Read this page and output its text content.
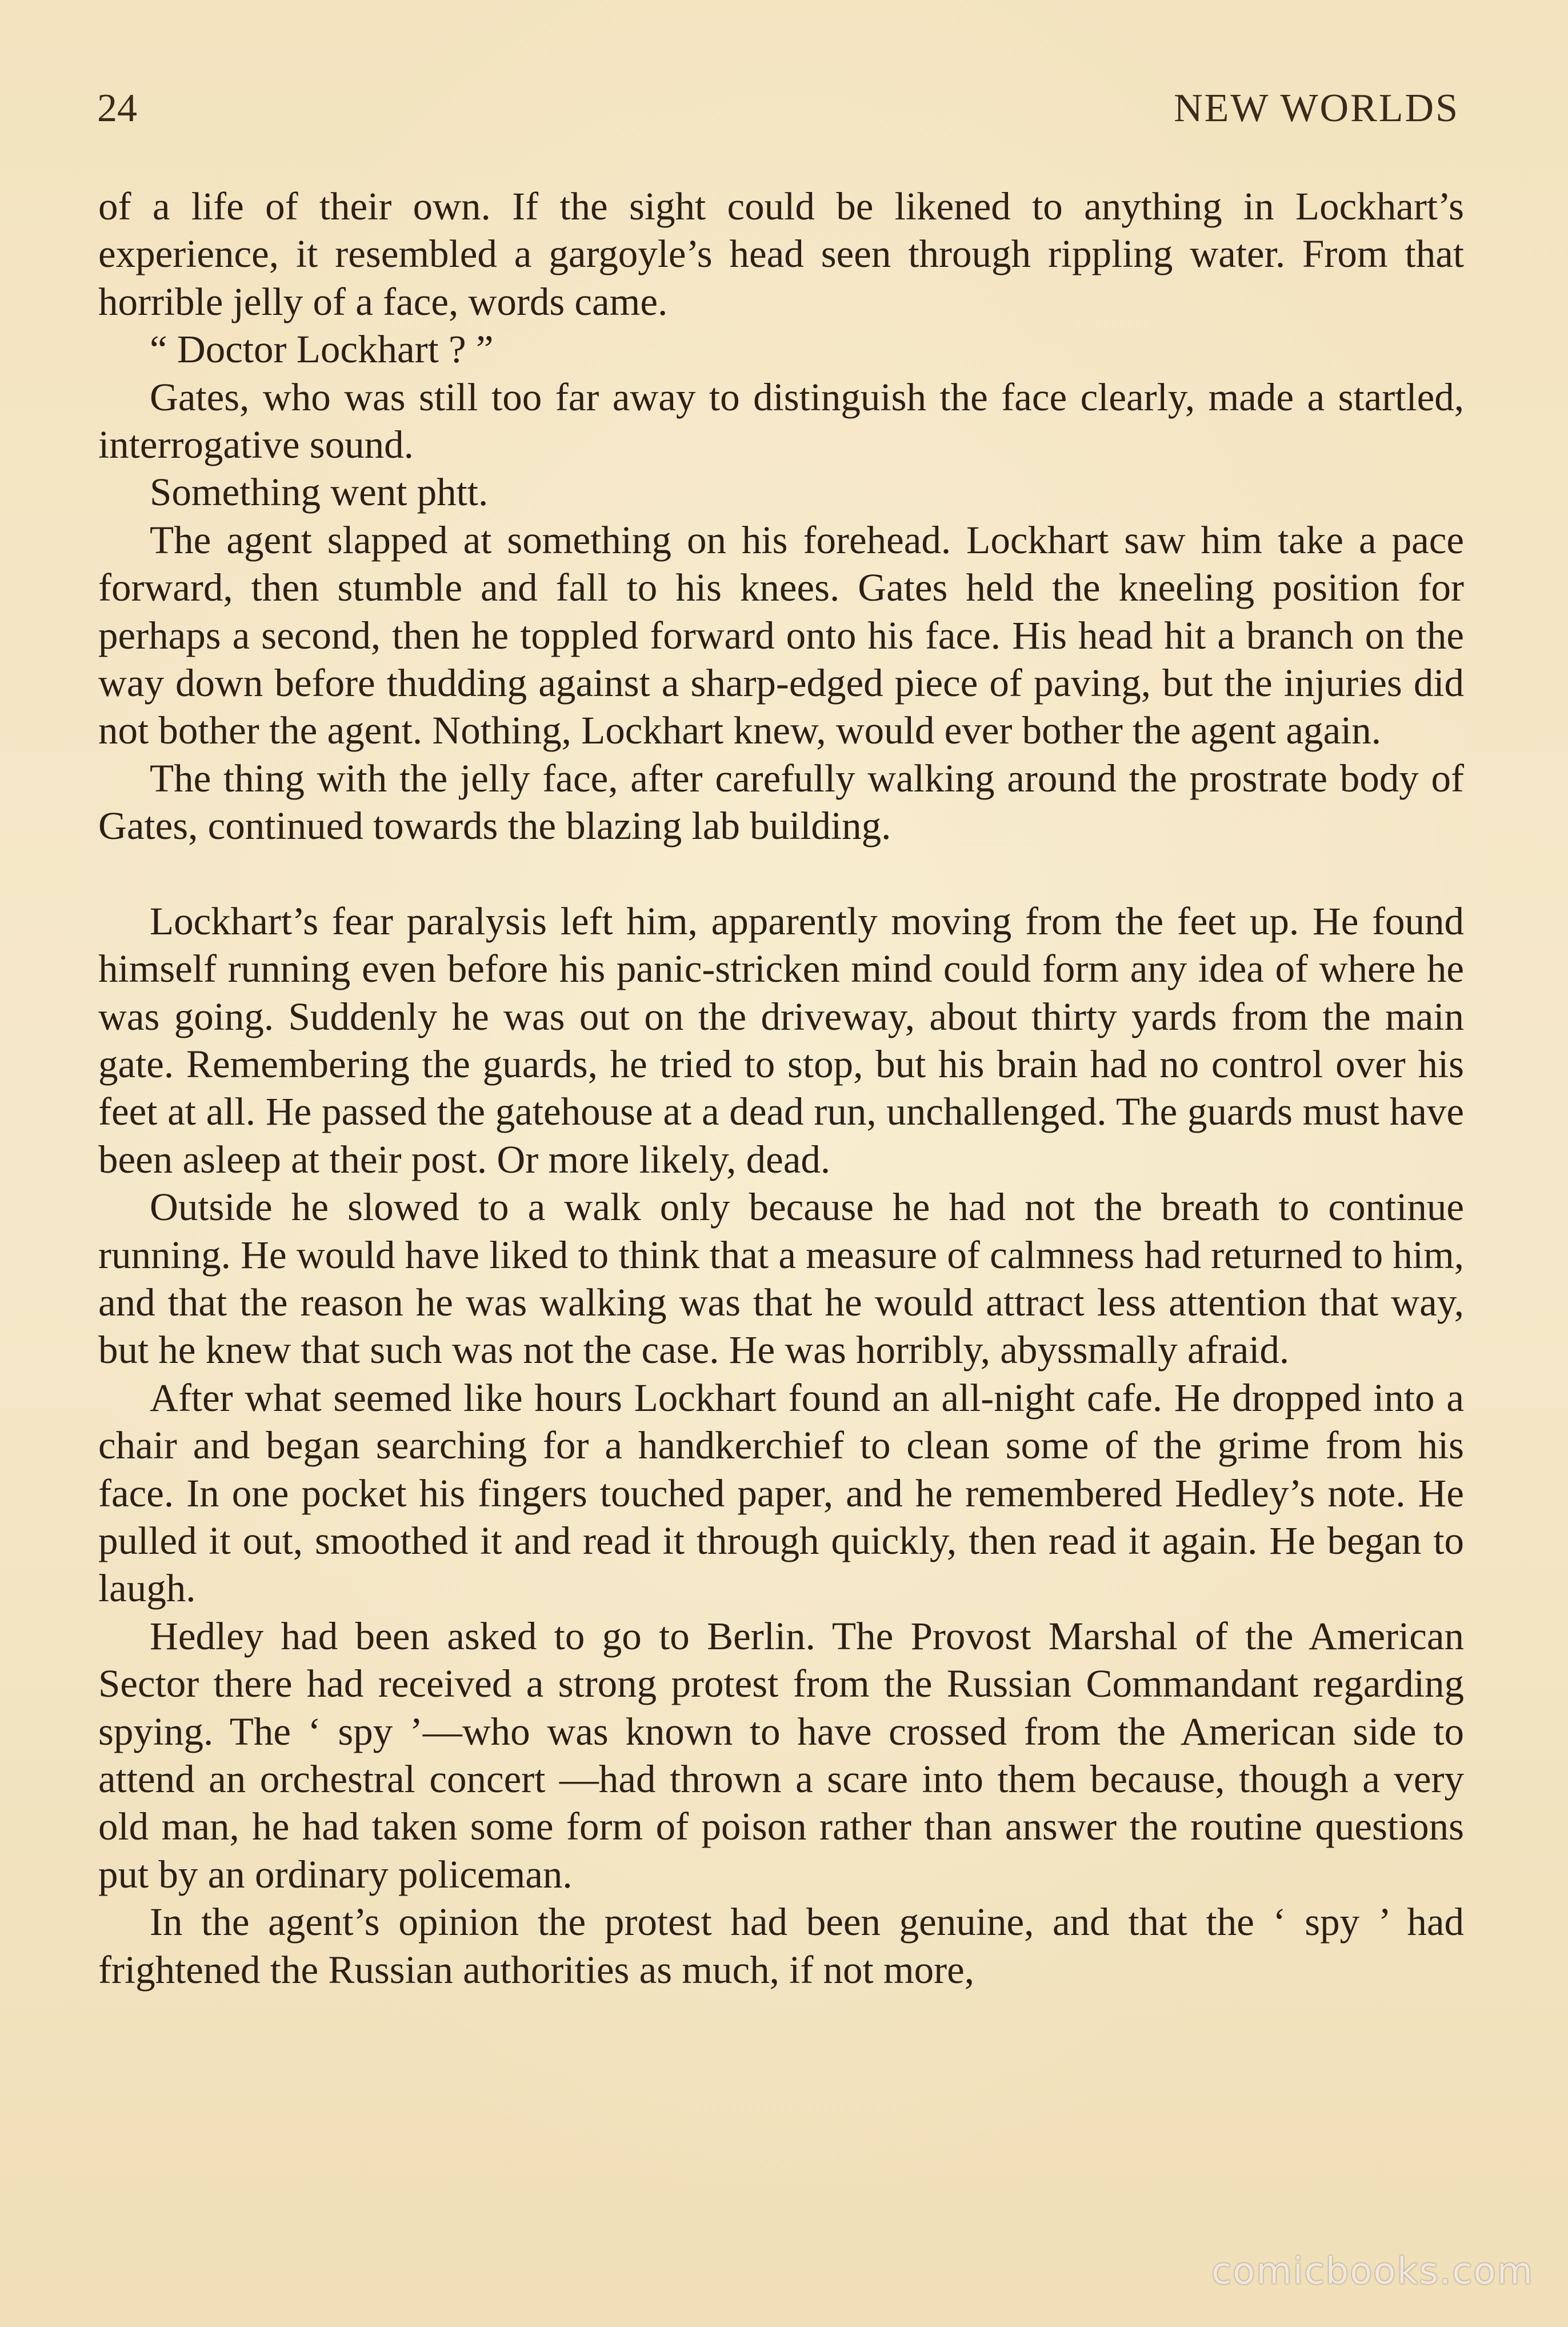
24	NEW WORLDS

of a life of their own. If the sight could be likened to anything in Lockhart’s experience, it resembled a gargoyle’s head seen through rippling water. From that horrible jelly of a face, words came.

“ Doctor Lockhart ? ”

Gates, who was still too far away to distinguish the face clearly, made a startled, interrogative sound.

Something went phtt.

The agent slapped at something on his forehead. Lockhart saw him take a pace forward, then stumble and fall to his knees. Gates held the kneeling position for perhaps a second, then he toppled forward onto his face. His head hit a branch on the way down before thudding against a sharp-edged piece of paving, but the injuries did not bother the agent. Nothing, Lockhart knew, would ever bother the agent again.

The thing with the jelly face, after carefully walking around the prostrate body of Gates, continued towards the blazing lab building.

Lockhart’s fear paralysis left him, apparently moving from the feet up. He found himself running even before his panic-stricken mind could form any idea of where he was going. Suddenly he was out on the driveway, about thirty yards from the main gate. Remembering the guards, he tried to stop, but his brain had no control over his feet at all. He passed the gatehouse at a dead run, unchallenged. The guards must have been asleep at their post. Or more likely, dead.

Outside he slowed to a walk only because he had not the breath to continue running. He would have liked to think that a measure of calmness had returned to him, and that the reason he was walking was that he would attract less attention that way, but he knew that such was not the case. He was horribly, abyssmally afraid.

After what seemed like hours Lockhart found an all-night cafe. He dropped into a chair and began searching for a handkerchief to clean some of the grime from his face. In one pocket his fingers touched paper, and he remembered Hedley’s note. He pulled it out, smoothed it and read it through quickly, then read it again. He began to laugh.

Hedley had been asked to go to Berlin. The Provost Marshal of the American Sector there had received a strong protest from the Russian Commandant regarding spying. The ‘ spy ’—who was known to have crossed from the American side to attend an orchestral concert —had thrown a scare into them because, though a very old man, he had taken some form of poison rather than answer the routine questions put by an ordinary policeman.

In the agent’s opinion the protest had been genuine, and that the ‘ spy ’ had frightened the Russian authorities as much, if not more,

comicbooks.com
